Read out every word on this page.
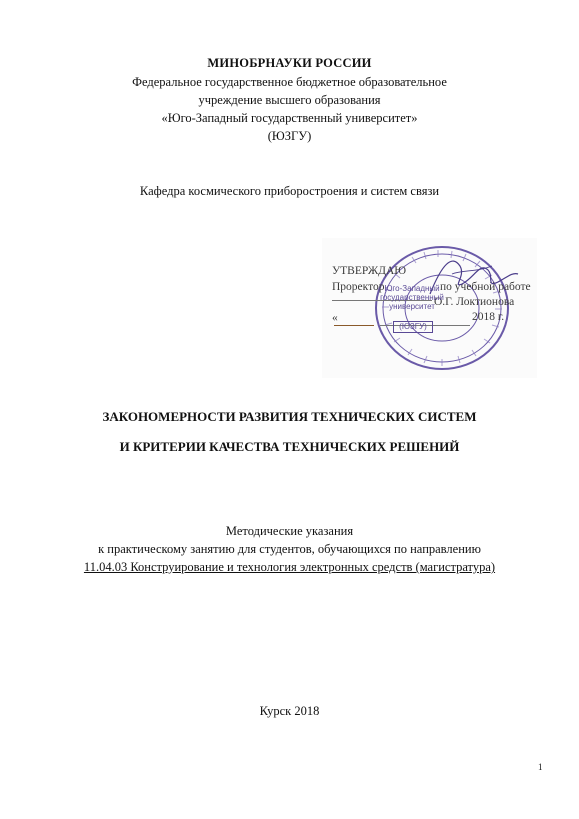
МИНОБРНАУКИ РОССИИ
Федеральное государственное бюджетное образовательное
учреждение высшего образования
«Юго-Западный государственный университет»
(ЮЗГУ)
Кафедра космического приборостроения и систем связи
УТВЕРЖДАЮ
Проректор	по учебной работе
О.Г. Локтионова
«	2018 г.
Юго-Западный
государственный
университет
(ЮЗГУ)
ЗАКОНОМЕРНОСТИ РАЗВИТИЯ ТЕХНИЧЕСКИХ СИСТЕМ
И КРИТЕРИИ КАЧЕСТВА ТЕХНИЧЕСКИХ РЕШЕНИЙ
Методические указания
к практическому занятию для студентов, обучающихся по направлению
11.04.03 Конструирование и технология электронных средств (магистратура)
Курск 2018
1
